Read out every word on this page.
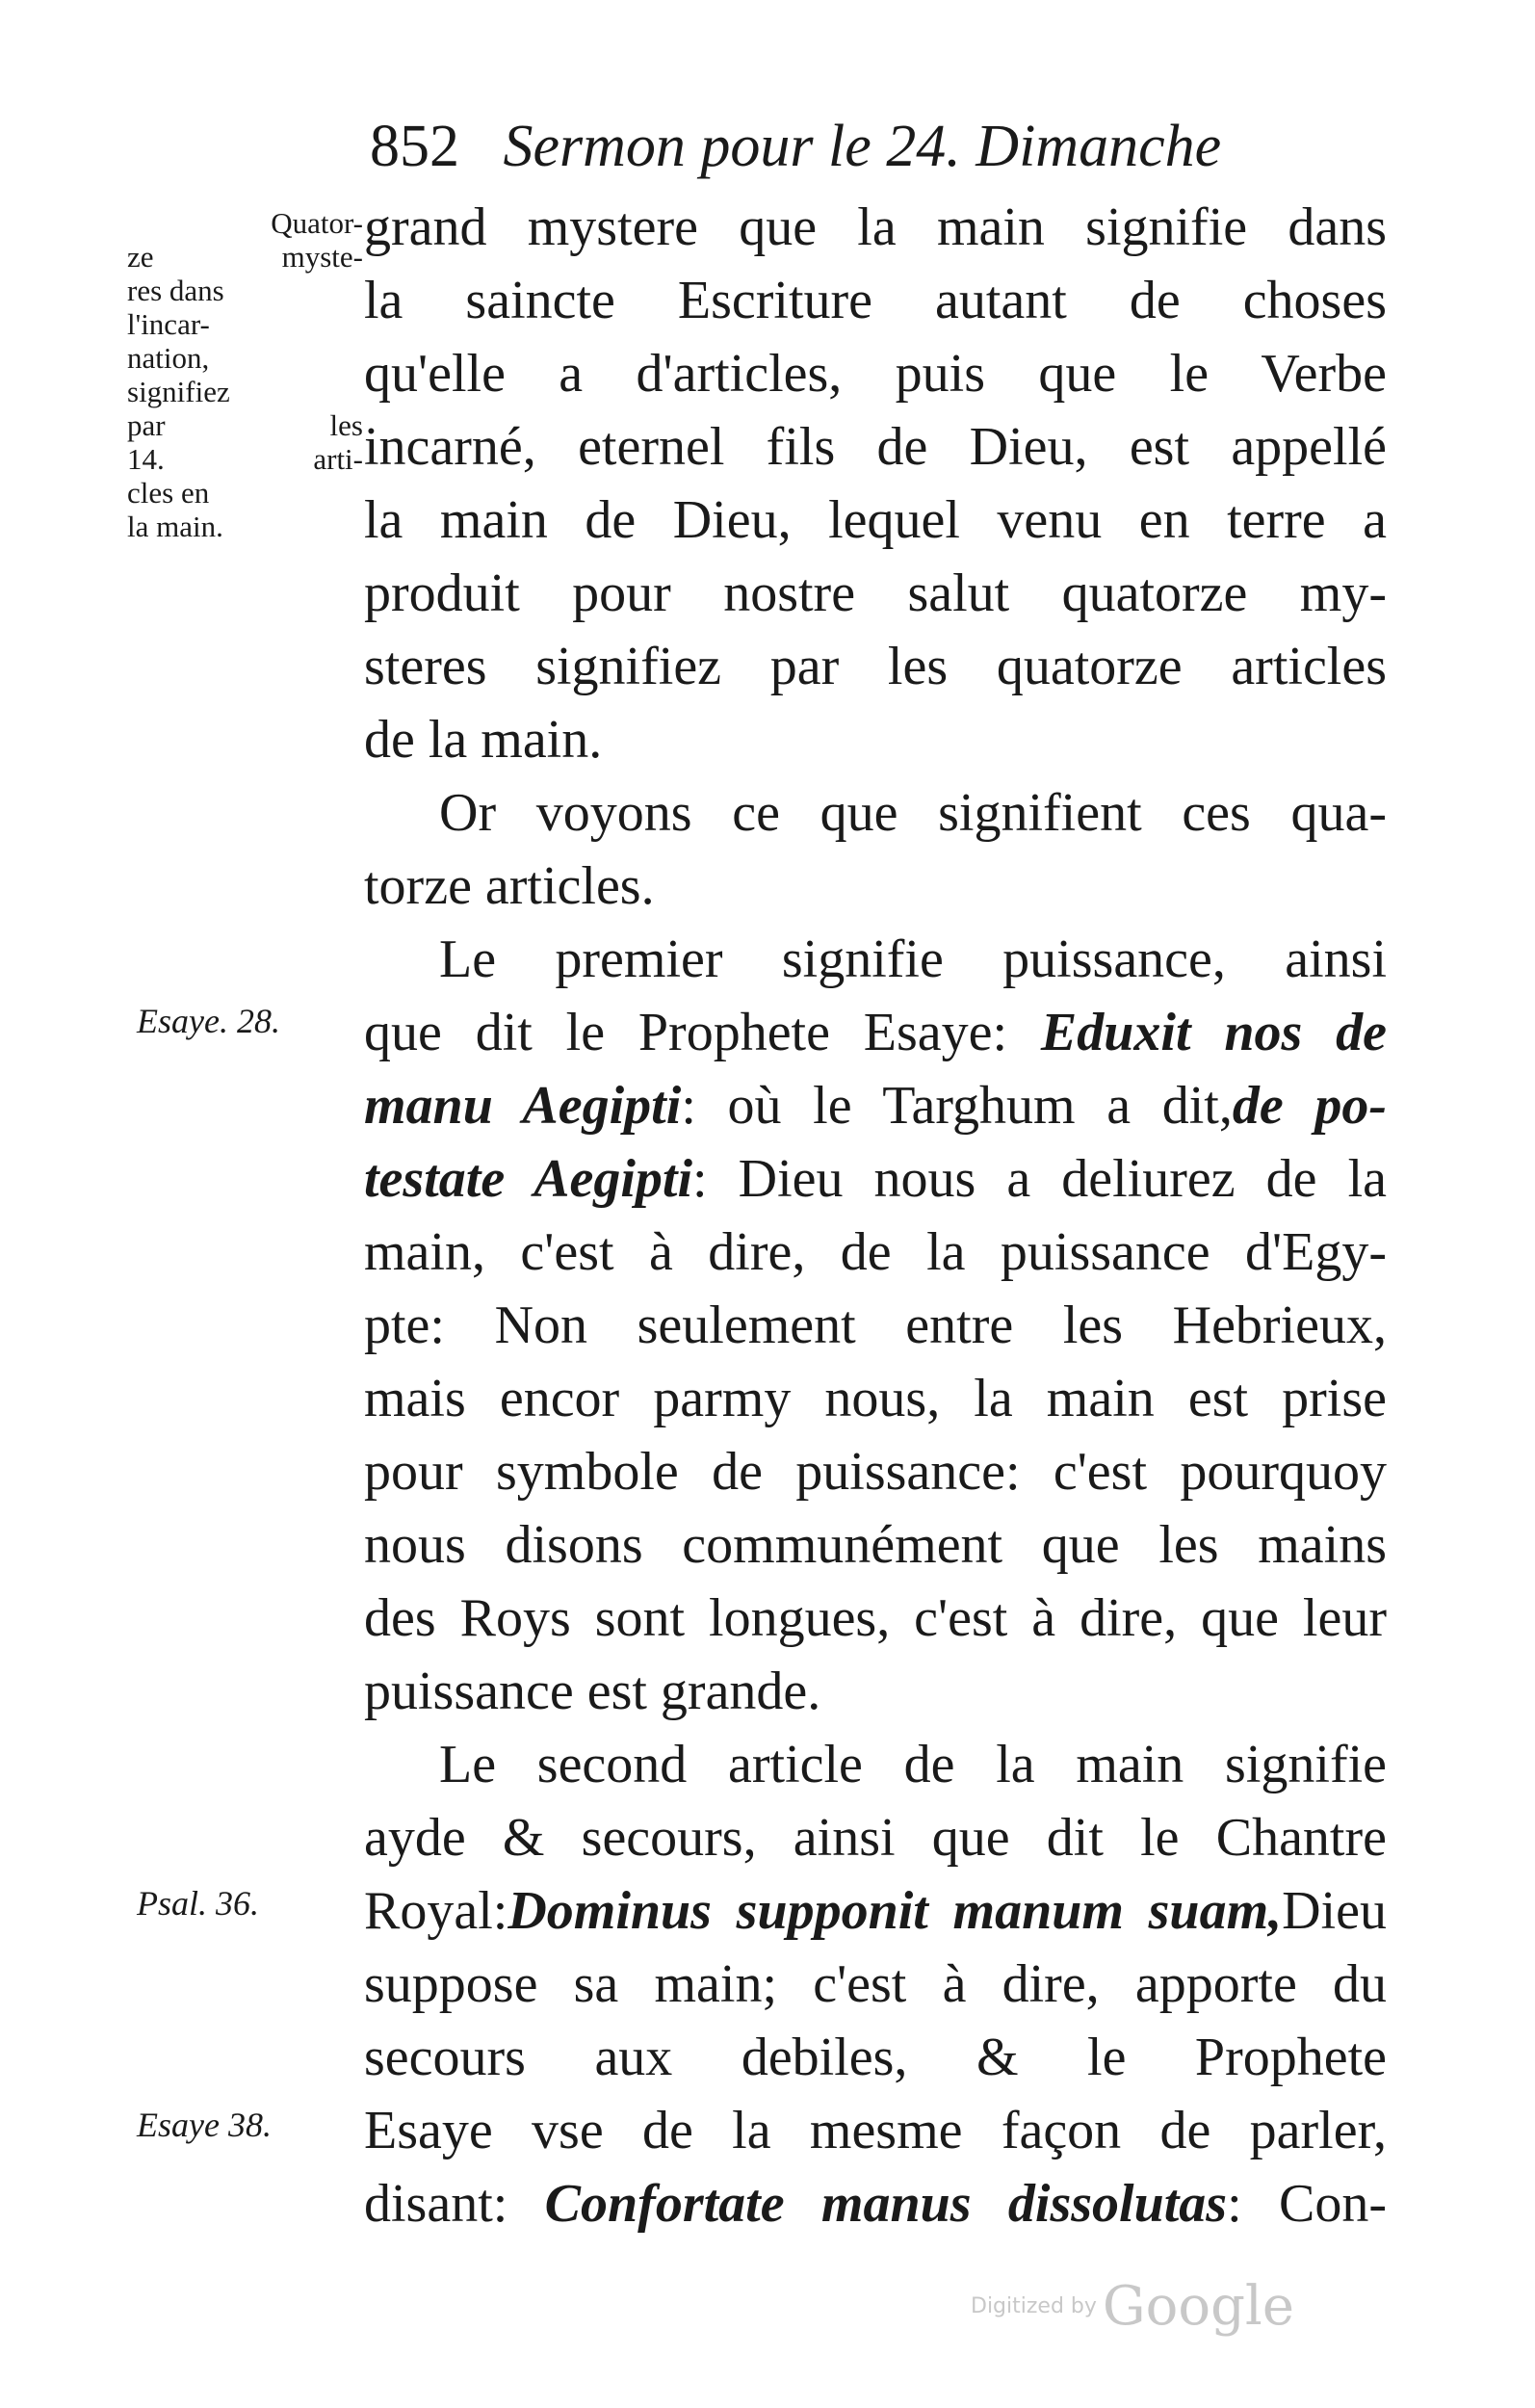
852 Sermon pour le 24. Dimanche
Quator-
ze myste-
res dans
l'incar-
nation,
signifiez
par les
14. arti-
cles en
la main.
Esaye. 28.
Psal. 36.
Esaye 38.
grand mystere que la main signifie dans
la saincte Escriture autant de choses
qu'elle a d'articles, puis que le Verbe
incarné, eternel fils de Dieu, est appellé
la main de Dieu, lequel venu en terre a
produit pour nostre salut quatorze my-
steres signifiez par les quatorze articles
de la main.
Or voyons ce que signifient ces qua-
torze articles.
Le premier signifie puissance, ainsi
que dit le Prophete Esaye: Eduxit nos de
manu Aegipti: où le Targhum a dit,de po-
testate Aegipti: Dieu nous a deliurez de la
main, c'est à dire, de la puissance d'Egy-
pte: Non seulement entre les Hebrieux,
mais encor parmy nous, la main est prise
pour symbole de puissance: c'est pourquoy
nous disons communément que les mains
des Roys sont longues, c'est à dire, que leur
puissance est grande.
Le second article de la main signifie
ayde & secours, ainsi que dit le Chantre
Royal:Dominus supponit manum suam,Dieu
suppose sa main; c'est à dire, apporte du
secours aux debiles, & le Prophete
Esaye vse de la mesme façon de parler,
disant: Confortate manus dissolutas: Con-
Digitized by Google
